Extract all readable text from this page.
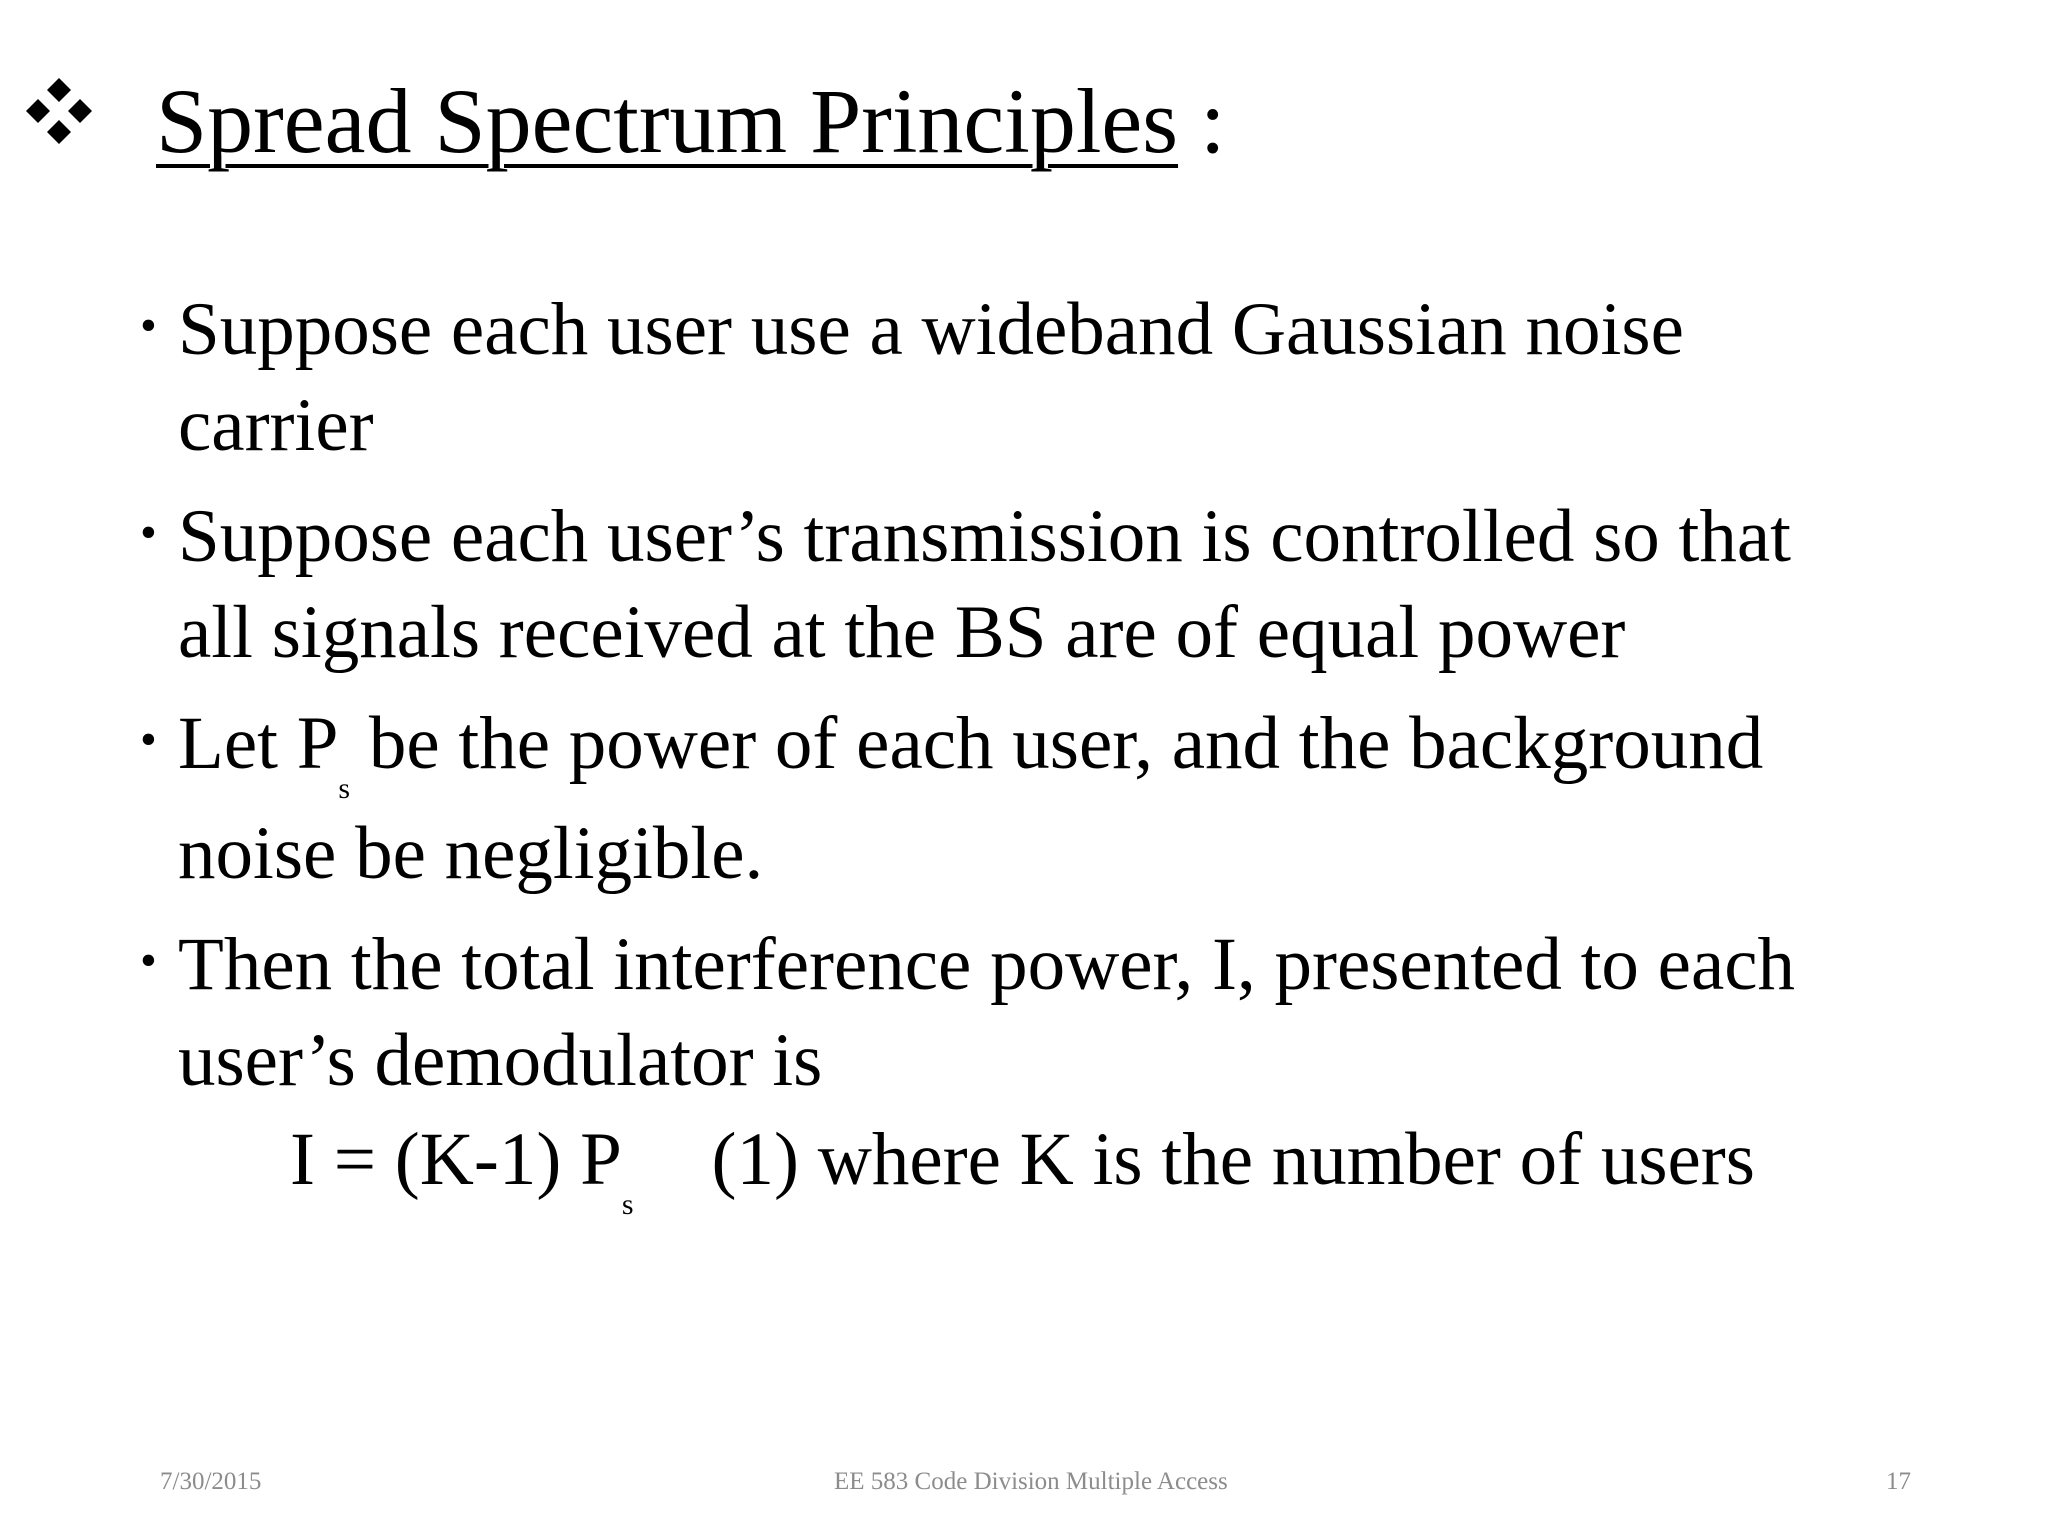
Spread Spectrum Principles :
• Suppose each user use a wideband Gaussian noise
carrier
• Suppose each user’s transmission is controlled so that
all signals received at the BS are of equal power
• Let $P_s$ be the power of each user, and the background
noise be negligible.
• Then the total interference power, I, presented to each
user’s demodulator is
I = (K-1) $P_s(1)$ where K is the number of users
7/30/2015	EE 583 Code Division Multiple Access	17
